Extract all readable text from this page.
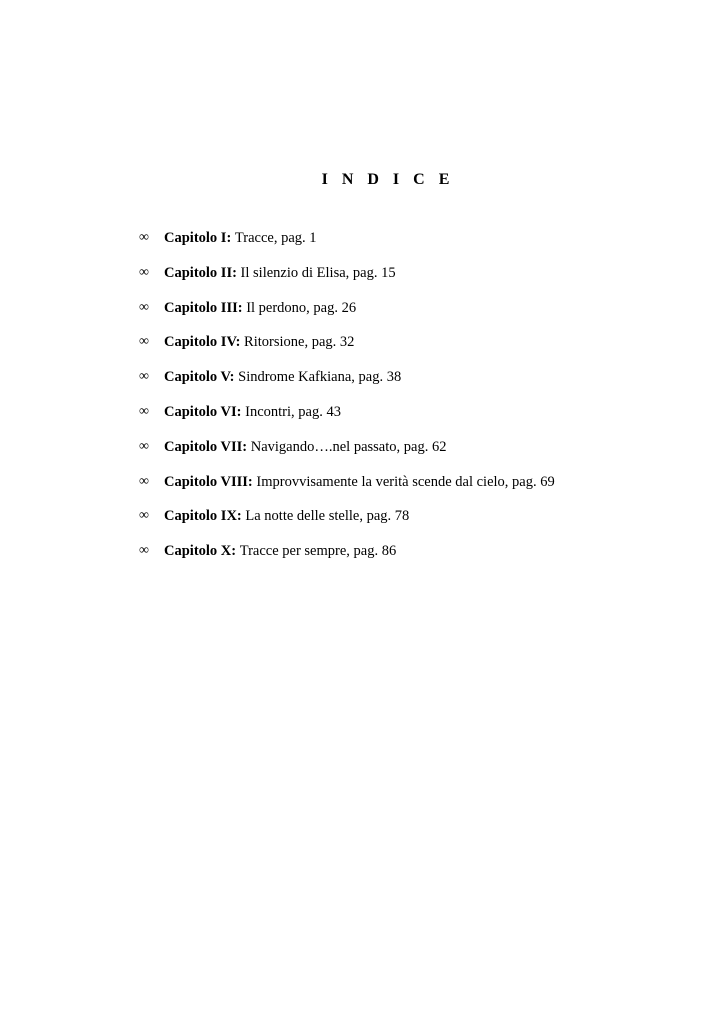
I N D I C E
∞	Capitolo I:
Tracce, pag. 1
∞	Capitolo II:
Il silenzio di Elisa, pag. 15
∞	Capitolo III:
Il perdono, pag. 26
∞	Capitolo IV:
Ritorsione, pag. 32
∞	Capitolo V:
Sindrome Kafkiana, pag. 38
∞	Capitolo VI:
Incontri, pag. 43
∞	Capitolo VII:
Navigando….nel passato, pag. 62
∞	Capitolo VIII:
Improvvisamente la verità scende dal cielo, pag. 69
∞	Capitolo IX:
La notte delle stelle, pag. 78
∞	Capitolo X:
Tracce per sempre, pag. 86
